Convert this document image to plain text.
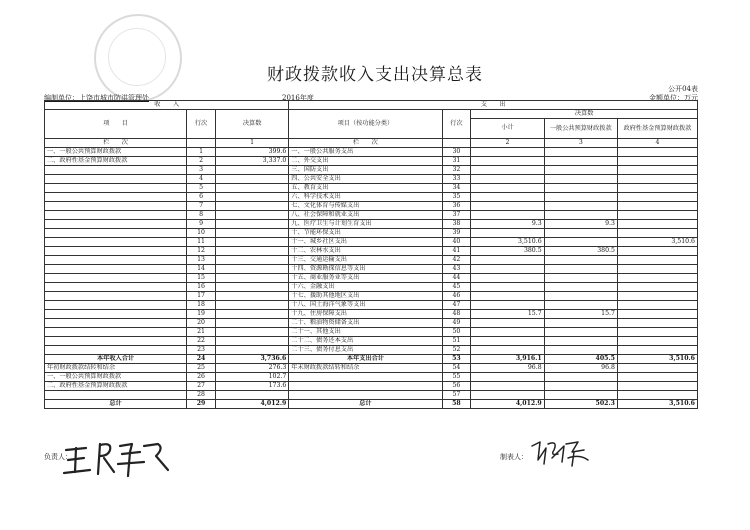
财政拨款收入支出决算总表
公开04表
编制单位：上饶市城市防洪管理处	2016年度	金额单位：万元
收　　入			支　　出				
项　　目	行次	决算数	项目（按功能分类）	行次	决算数		
					小计	一般公共预算财政拨款	政府性基金预算财政拨款
栏　　次		1	栏　　次		2	3	4
一、一般公共预算财政拨款	1	399.6	一、一般公共服务支出	30			
二、政府性基金预算财政拨款	2	3,337.0	二、外交支出	31			
	3		三、国防支出	32			
	4		四、公共安全支出	33			
	5		五、教育支出	34			
	6		六、科学技术支出	35			
	7		七、文化体育与传媒支出	36			
	8		八、社会保障和就业支出	37			
	9		九、医疗卫生与计划生育支出	38	9.3	9.3	
	10		十、节能环保支出	39			
	11		十一、城乡社区支出	40	3,510.6		3,510.6
	12		十二、农林水支出	41	380.5	380.5	
	13		十三、交通运输支出	42			
	14		十四、资源勘探信息等支出	43			
	15		十五、商业服务业等支出	44			
	16		十六、金融支出	45			
	17		十七、援助其他地区支出	46			
	18		十八、国土海洋气象等支出	47			
	19		十九、住房保障支出	48	15.7	15.7	
	20		二十、粮油物资储备支出	49			
	21		二十一、其他支出	50			
	22		二十二、债务还本支出	51			
	23		二十三、债务付息支出	52			
本年收入合计	24	3,736.6	本年支出合计	53	3,916.1	405.5	3,510.6
年初财政拨款结转和结余	25	276.3	年末财政拨款结转和结余	54	96.8	96.8	
一、一般公共预算财政拨款	26	102.7		55			
二、政府性基金预算财政拨款	27	173.6		56			
	28			57			
总计	29	4,012.9	总计	58	4,012.9	502.3	3,510.6
负责人：	制表人：
